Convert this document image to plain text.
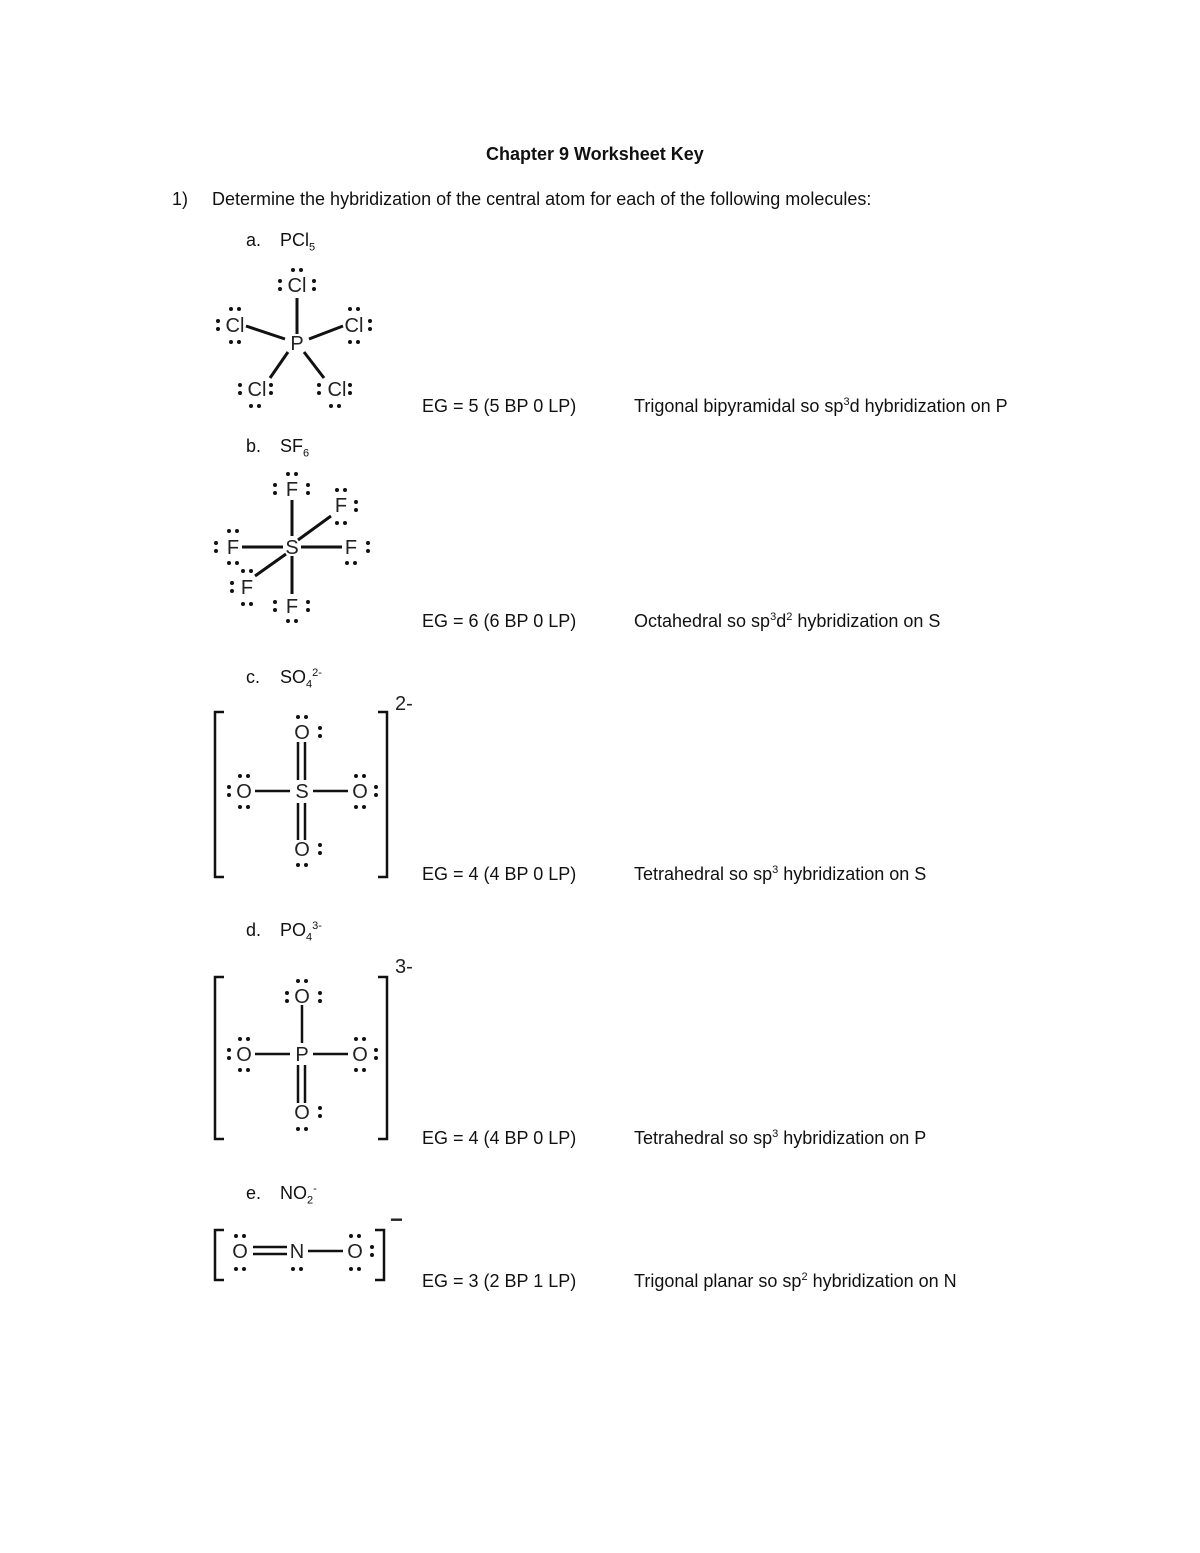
Chapter 9 Worksheet Key
1) Determine the hybridization of the central atom for each of the following molecules:
a. PCl$_5$
P
Cl
Cl	Cl
Cl	Cl
EG = 5 (5 BP 0 LP)	Trigonal bipyramidal so $sp^3d$ hybridization on P
b. $SF_6$
S
F
F	F
F
F
F
EG = 6 (6 BP 0 LP)	Octahedral so $sp^3d^2$ hybridization on S
c. $SO_4^{2-}$
S
O
O	O
O
2-
EG = 4 (4 BP 0 LP)	Tetrahedral so $sp^3$ hybridization on S
d. $PO_4^{3-}$
P
O
O	O
O
3-
EG = 4 (4 BP 0 LP)	Tetrahedral so $sp^3$ hybridization on P
e. $NO_2^-$
N
O	O
−
EG = 3 (2 BP 1 LP)	Trigonal planar so $sp^2$ hybridization on N
